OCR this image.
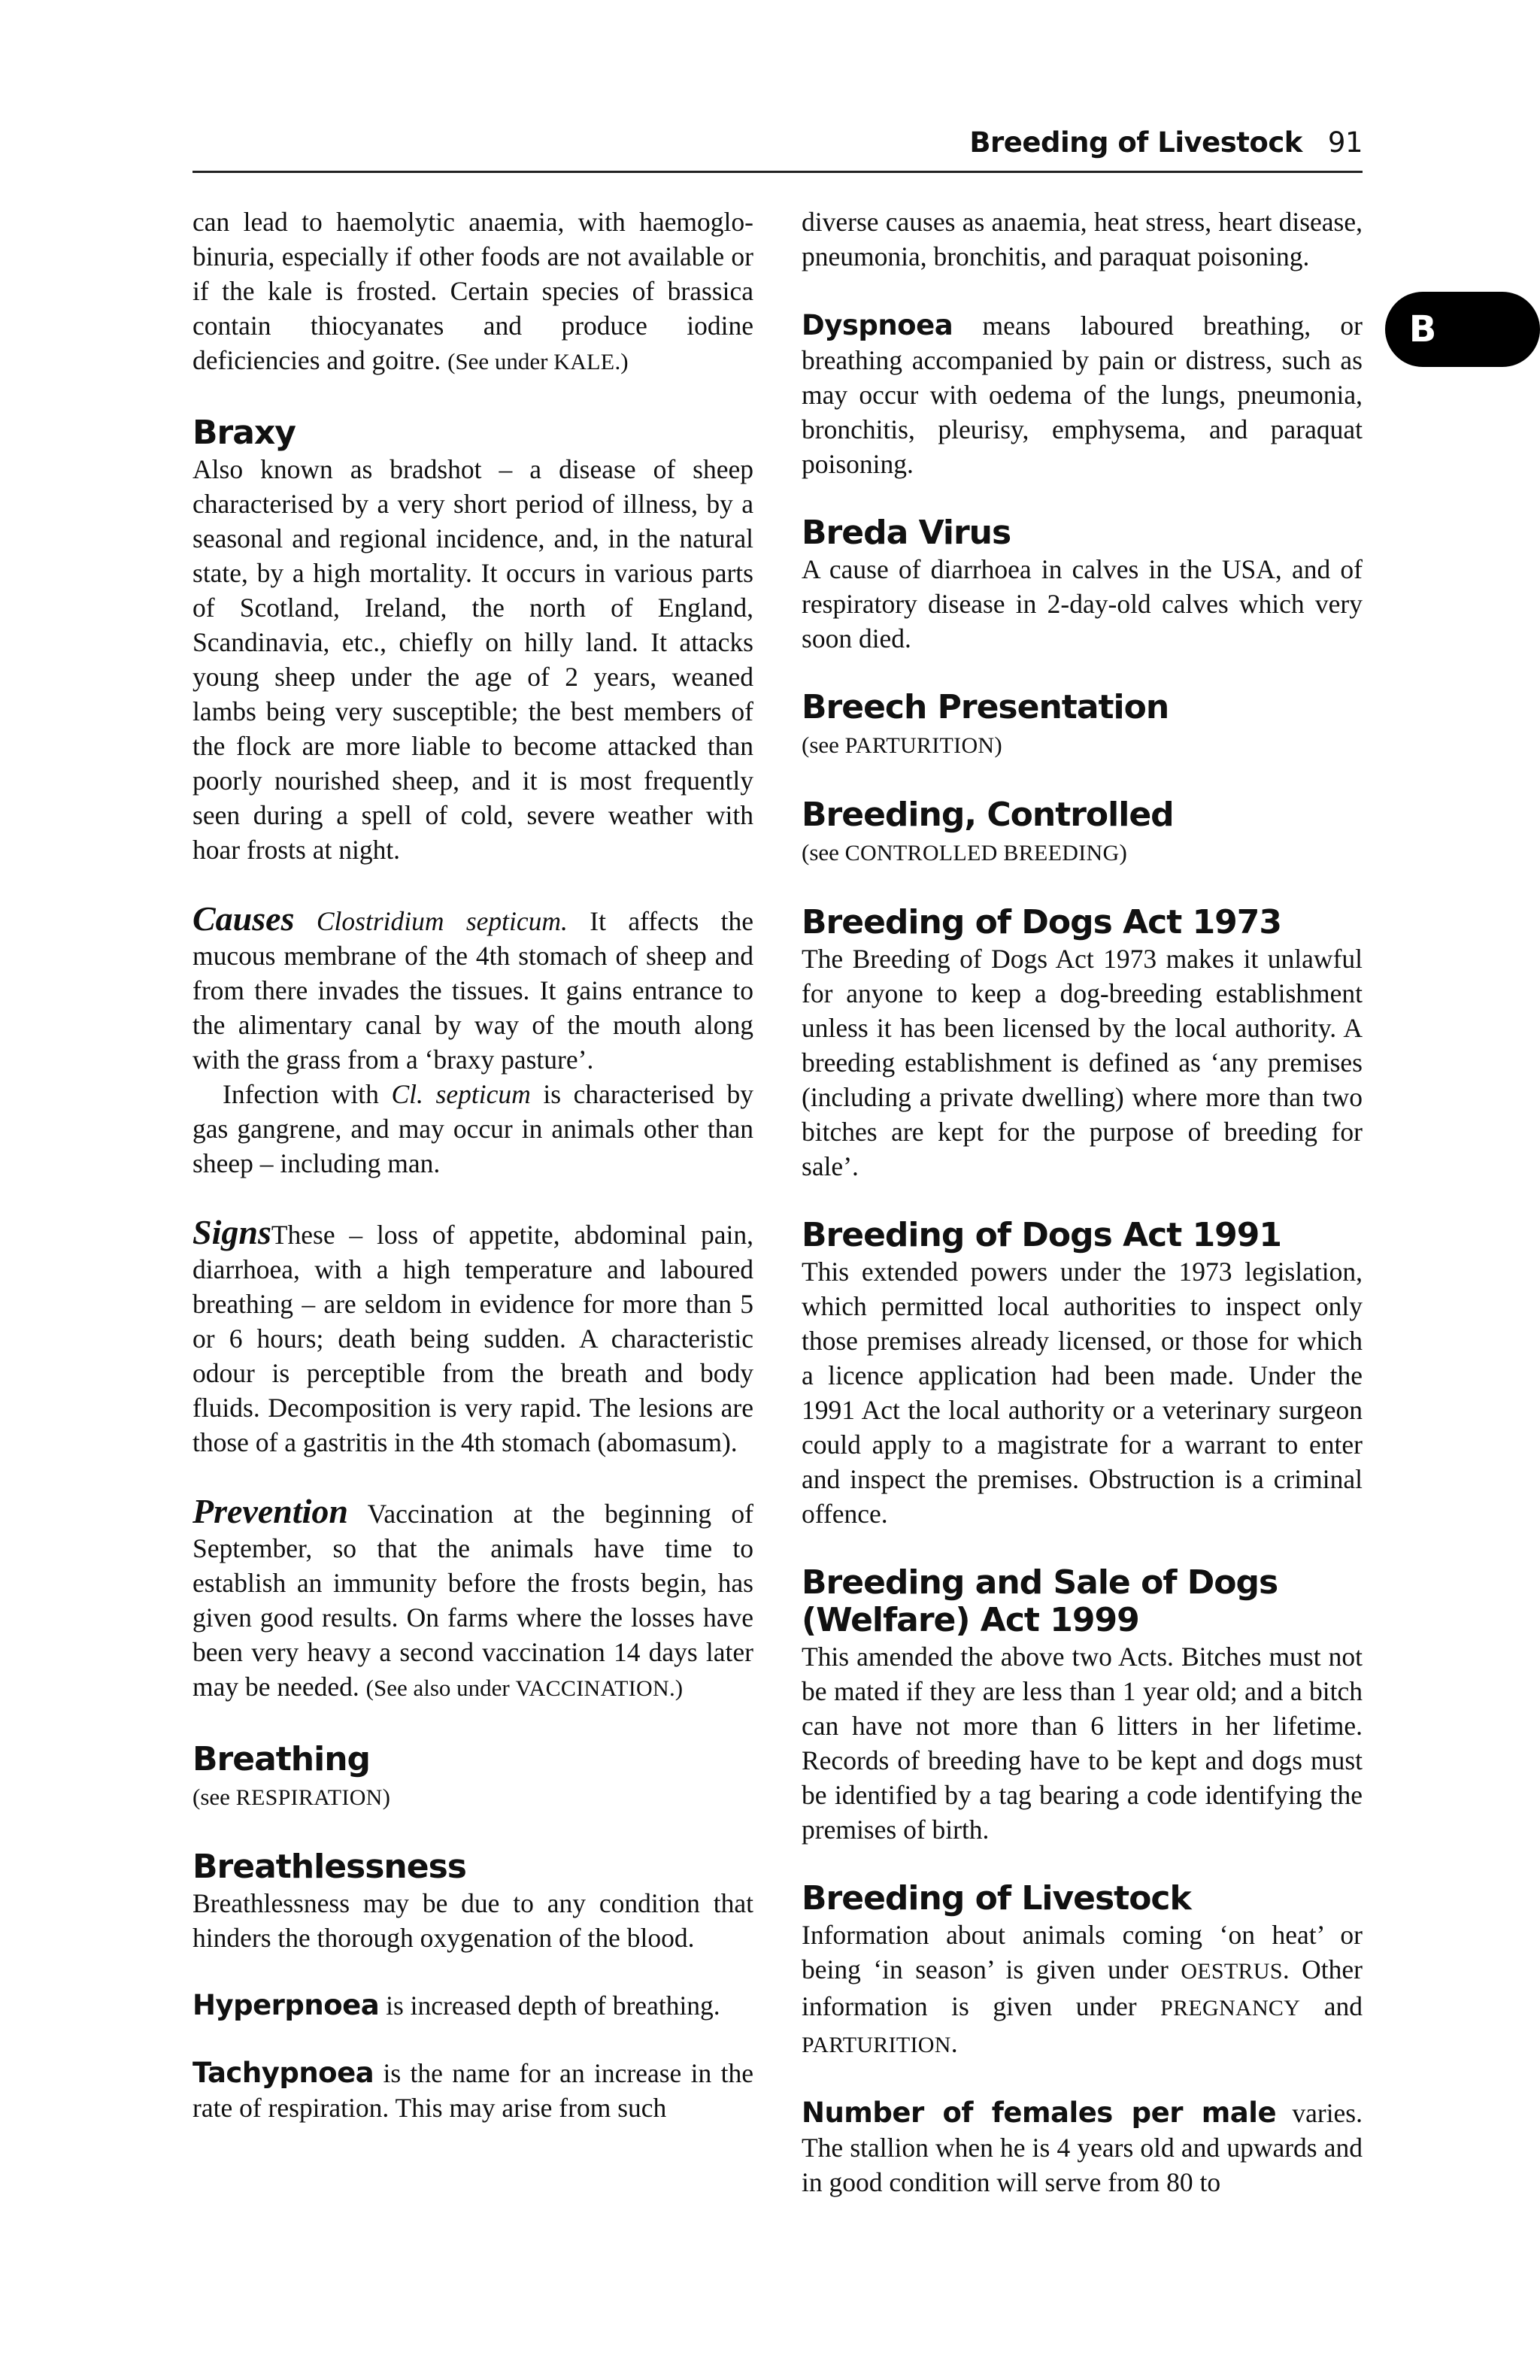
Breeding of Livestock 91
B

can lead to haemolytic anaemia, with haemoglobinuria, especially if other foods are not available or if the kale is frosted. Certain species of brassica contain thiocyanates and produce iodine deficiencies and goitre. (See under KALE.)

Braxy

Also known as bradshot – a disease of sheep characterised by a very short period of illness, by a seasonal and regional incidence, and, in the natural state, by a high mortality. It occurs in various parts of Scotland, Ireland, the north of England, Scandinavia, etc., chiefly on hilly land. It attacks young sheep under the age of 2 years, weaned lambs being very susceptible; the best members of the flock are more liable to become attacked than poorly nourished sheep, and it is most frequently seen during a spell of cold, severe weather with hoar frosts at night.

Causes Clostridium septicum. It affects the mucous membrane of the 4th stomach of sheep and from there invades the tissues. It gains entrance to the alimentary canal by way of the mouth along with the grass from a ‘braxy pasture’.

Infection with Cl. septicum is characterised by gas gangrene, and may occur in animals other than sheep – including man.

SignsThese – loss of appetite, abdominal pain, diarrhoea, with a high temperature and laboured breathing – are seldom in evidence for more than 5 or 6 hours; death being sudden. A characteristic odour is perceptible from the breath and body fluids. Decomposition is very rapid. The lesions are those of a gastritis in the 4th stomach (abomasum).

Prevention Vaccination at the beginning of September, so that the animals have time to establish an immunity before the frosts begin, has given good results. On farms where the losses have been very heavy a second vaccination 14 days later may be needed. (See also under VACCINATION.)

Breathing

(see RESPIRATION)

Breathlessness

Breathlessness may be due to any condition that hinders the thorough oxygenation of the blood.

Hyperpnoea is increased depth of breathing.

Tachypnoea is the name for an increase in the rate of respiration. This may arise from such

diverse causes as anaemia, heat stress, heart disease, pneumonia, bronchitis, and paraquat poisoning.

Dyspnoea means laboured breathing, or breathing accompanied by pain or distress, such as may occur with oedema of the lungs, pneumonia, bronchitis, pleurisy, emphysema, and paraquat poisoning.

Breda Virus

A cause of diarrhoea in calves in the USA, and of respiratory disease in 2-day-old calves which very soon died.

Breech Presentation

(see PARTURITION)

Breeding, Controlled

(see CONTROLLED BREEDING)

Breeding of Dogs Act 1973

The Breeding of Dogs Act 1973 makes it unlawful for anyone to keep a dog-breeding establishment unless it has been licensed by the local authority. A breeding establishment is defined as ‘any premises (including a private dwelling) where more than two bitches are kept for the purpose of breeding for sale’.

Breeding of Dogs Act 1991

This extended powers under the 1973 legislation, which permitted local authorities to inspect only those premises already licensed, or those for which a licence application had been made. Under the 1991 Act the local authority or a veterinary surgeon could apply to a magistrate for a warrant to enter and inspect the premises. Obstruction is a criminal offence.

Breeding and Sale of Dogs (Welfare) Act 1999

This amended the above two Acts. Bitches must not be mated if they are less than 1 year old; and a bitch can have not more than 6 litters in her lifetime. Records of breeding have to be kept and dogs must be identified by a tag bearing a code identifying the premises of birth.

Breeding of Livestock

Information about animals coming ‘on heat’ or being ‘in season’ is given under OESTRUS. Other information is given under PREGNANCY and PARTURITION.

Number of females per male varies. The stallion when he is 4 years old and upwards and in good condition will serve from 80 to
